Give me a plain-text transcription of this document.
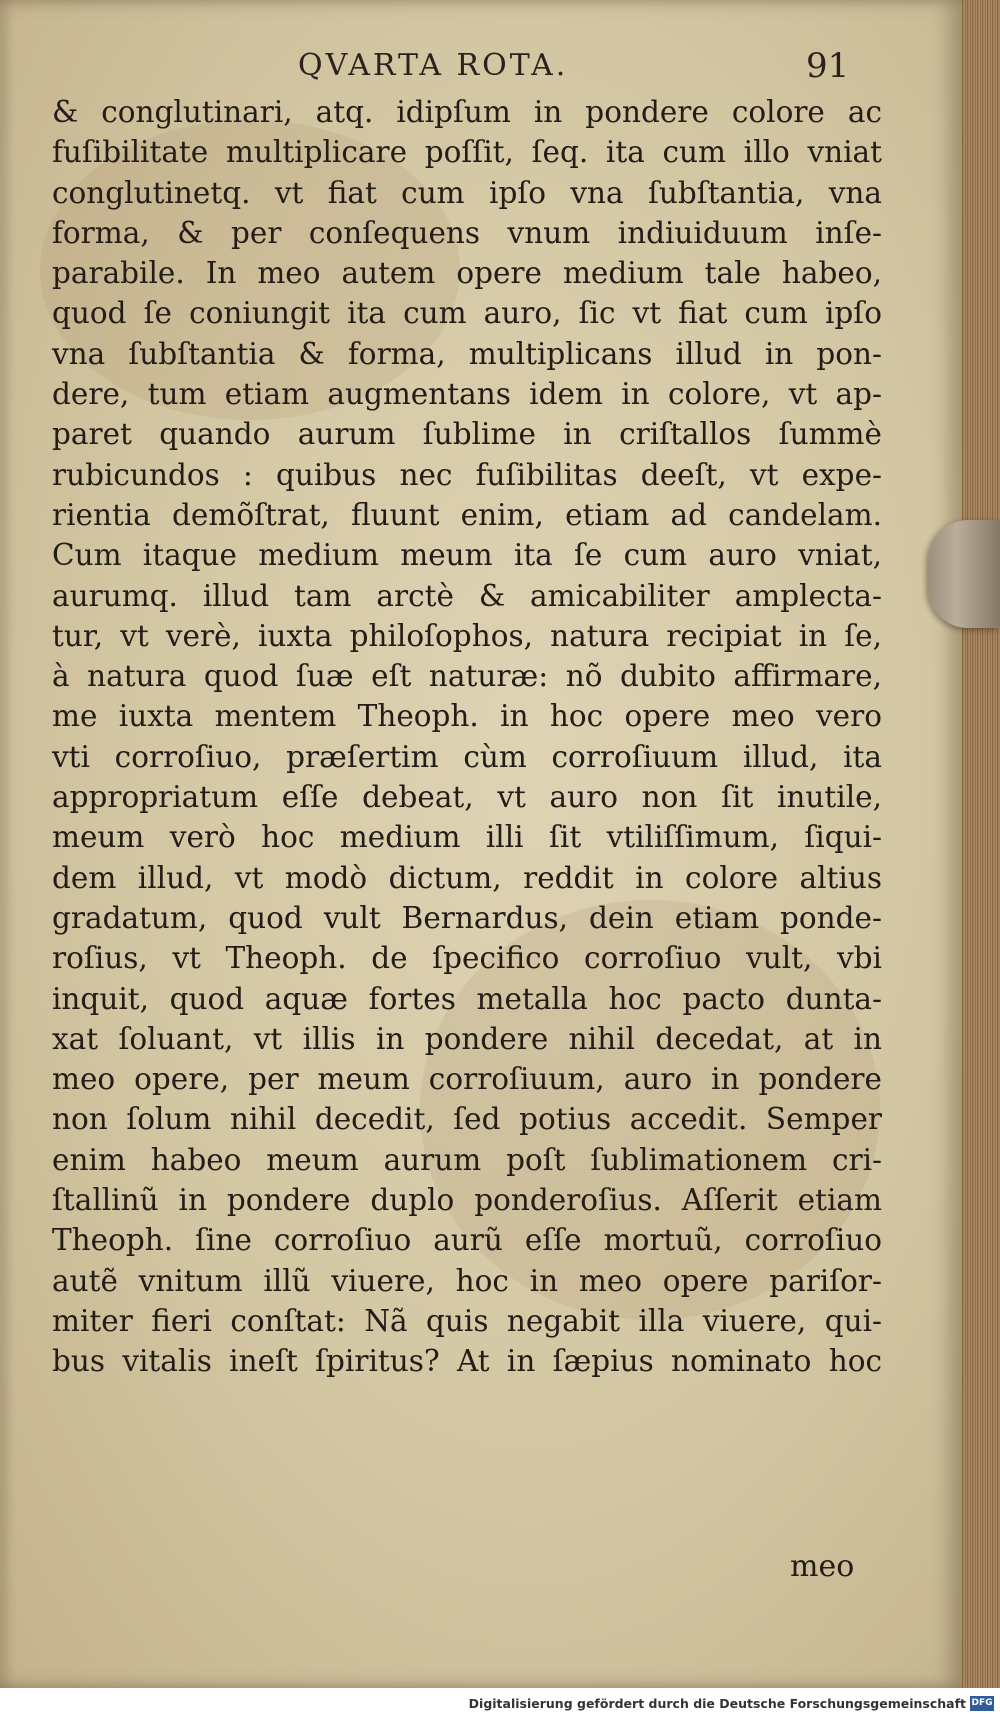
QVARTA ROTA.	91
& conglutinari, atq. idipſum in pondere colore ac
fuſibilitate multiplicare poſſit, ſeq. ita cum illo vniat
conglutinetq. vt fiat cum ipſo vna ſubſtantia, vna
forma, & per conſequens vnum indiuiduum inſe-
parabile. In meo autem opere medium tale habeo,
quod ſe coniungit ita cum auro, ſic vt fiat cum ipſo
vna ſubſtantia & forma, multiplicans illud in pon-
dere, tum etiam augmentans idem in colore, vt ap-
paret quando aurum ſublime in criſtallos ſummè
rubicundos : quibus nec fuſibilitas deeſt, vt expe-
rientia demõſtrat, fluunt enim, etiam ad candelam.
Cum itaque medium meum ita ſe cum auro vniat,
aurumq. illud tam arctè & amicabiliter amplecta-
tur, vt verè, iuxta philoſophos, natura recipiat in ſe,
à natura quod ſuæ eſt naturæ: nõ dubito affirmare,
me iuxta mentem Theoph. in hoc opere meo vero
vti corroſiuo, præſertim cùm corroſiuum illud, ita
appropriatum eſſe debeat, vt auro non ſit inutile,
meum verò hoc medium illi ſit vtiliſſimum, ſiqui-
dem illud, vt modò dictum, reddit in colore altius
gradatum, quod vult Bernardus, dein etiam ponde-
roſius, vt Theoph. de ſpecifico corroſiuo vult, vbi
inquit, quod aquæ fortes metalla hoc pacto dunta-
xat ſoluant, vt illis in pondere nihil decedat, at in
meo opere, per meum corroſiuum, auro in pondere
non ſolum nihil decedit, ſed potius accedit. Semper
enim habeo meum aurum poſt ſublimationem cri-
ſtallinũ in pondere duplo ponderoſius. Aſſerit etiam
Theoph. ſine corroſiuo aurũ eſſe mortuũ, corroſiuo
autẽ vnitum illũ viuere, hoc in meo opere pariſor-
miter fieri conſtat: Nã quis negabit illa viuere, qui-
bus vitalis ineſt ſpiritus? At in ſæpius nominato hoc
meo
Digitalisierung gefördert durch die Deutsche Forschungsgemeinschaft DFG
